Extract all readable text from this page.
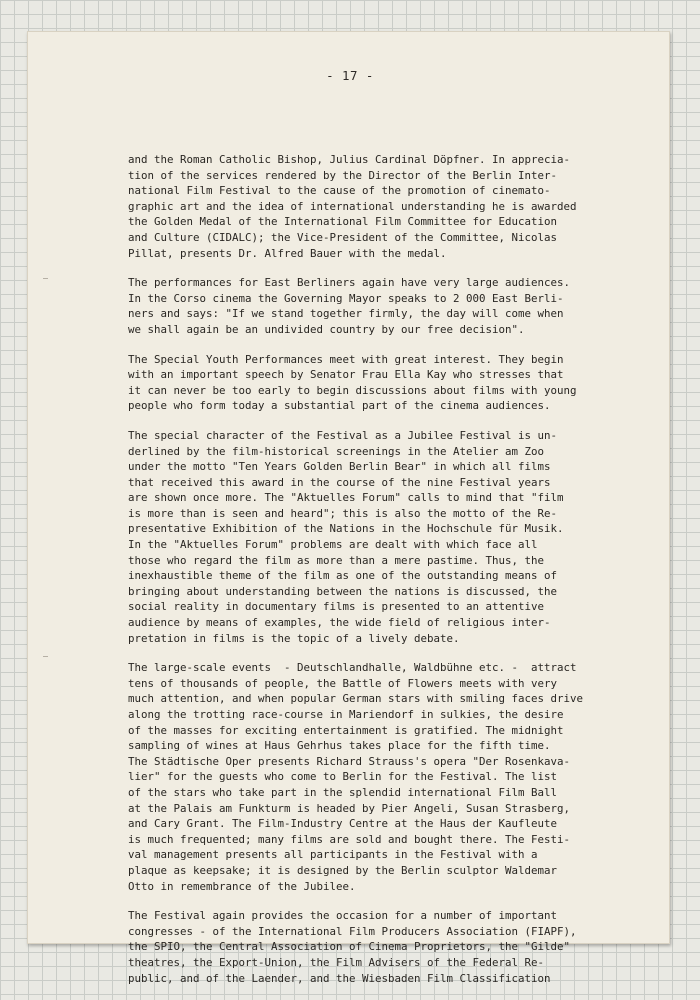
- 17 -
and the Roman Catholic Bishop, Julius Cardinal Döpfner. In apprecia-
tion of the services rendered by the Director of the Berlin Inter-
national Film Festival to the cause of the promotion of cinemato-
graphic art and the idea of international understanding he is awarded
the Golden Medal of the International Film Committee for Education
and Culture (CIDALC); the Vice-President of the Committee, Nicolas
Pillat, presents Dr. Alfred Bauer with the medal.
The performances for East Berliners again have very large audiences.
In the Corso cinema the Governing Mayor speaks to 2 000 East Berli-
ners and says: "If we stand together firmly, the day will come when
we shall again be an undivided country by our free decision".
The Special Youth Performances meet with great interest. They begin
with an important speech by Senator Frau Ella Kay who stresses that
it can never be too early to begin discussions about films with young
people who form today a substantial part of the cinema audiences.
The special character of the Festival as a Jubilee Festival is un-
derlined by the film-historical screenings in the Atelier am Zoo
under the motto "Ten Years Golden Berlin Bear" in which all films
that received this award in the course of the nine Festival years
are shown once more. The "Aktuelles Forum" calls to mind that "film
is more than is seen and heard"; this is also the motto of the Re-
presentative Exhibition of the Nations in the Hochschule für Musik.
In the "Aktuelles Forum" problems are dealt with which face all
those who regard the film as more than a mere pastime. Thus, the
inexhaustible theme of the film as one of the outstanding means of
bringing about understanding between the nations is discussed, the
social reality in documentary films is presented to an attentive
audience by means of examples, the wide field of religious inter-
pretation in films is the topic of a lively debate.
The large-scale events  - Deutschlandhalle, Waldbühne etc. -  attract
tens of thousands of people, the Battle of Flowers meets with very
much attention, and when popular German stars with smiling faces drive
along the trotting race-course in Mariendorf in sulkies, the desire
of the masses for exciting entertainment is gratified. The midnight
sampling of wines at Haus Gehrhus takes place for the fifth time.
The Städtische Oper presents Richard Strauss's opera "Der Rosenkava-
lier" for the guests who come to Berlin for the Festival. The list
of the stars who take part in the splendid international Film Ball
at the Palais am Funkturm is headed by Pier Angeli, Susan Strasberg,
and Cary Grant. The Film-Industry Centre at the Haus der Kaufleute
is much frequented; many films are sold and bought there. The Festi-
val management presents all participants in the Festival with a
plaque as keepsake; it is designed by the Berlin sculptor Waldemar
Otto in remembrance of the Jubilee.
The Festival again provides the occasion for a number of important
congresses - of the International Film Producers Association (FIAPF),
the SPIO, the Central Association of Cinema Proprietors, the "Gilde"
theatres, the Export-Union, the Film Advisers of the Federal Re-
public, and of the Laender, and the Wiesbaden Film Classification
